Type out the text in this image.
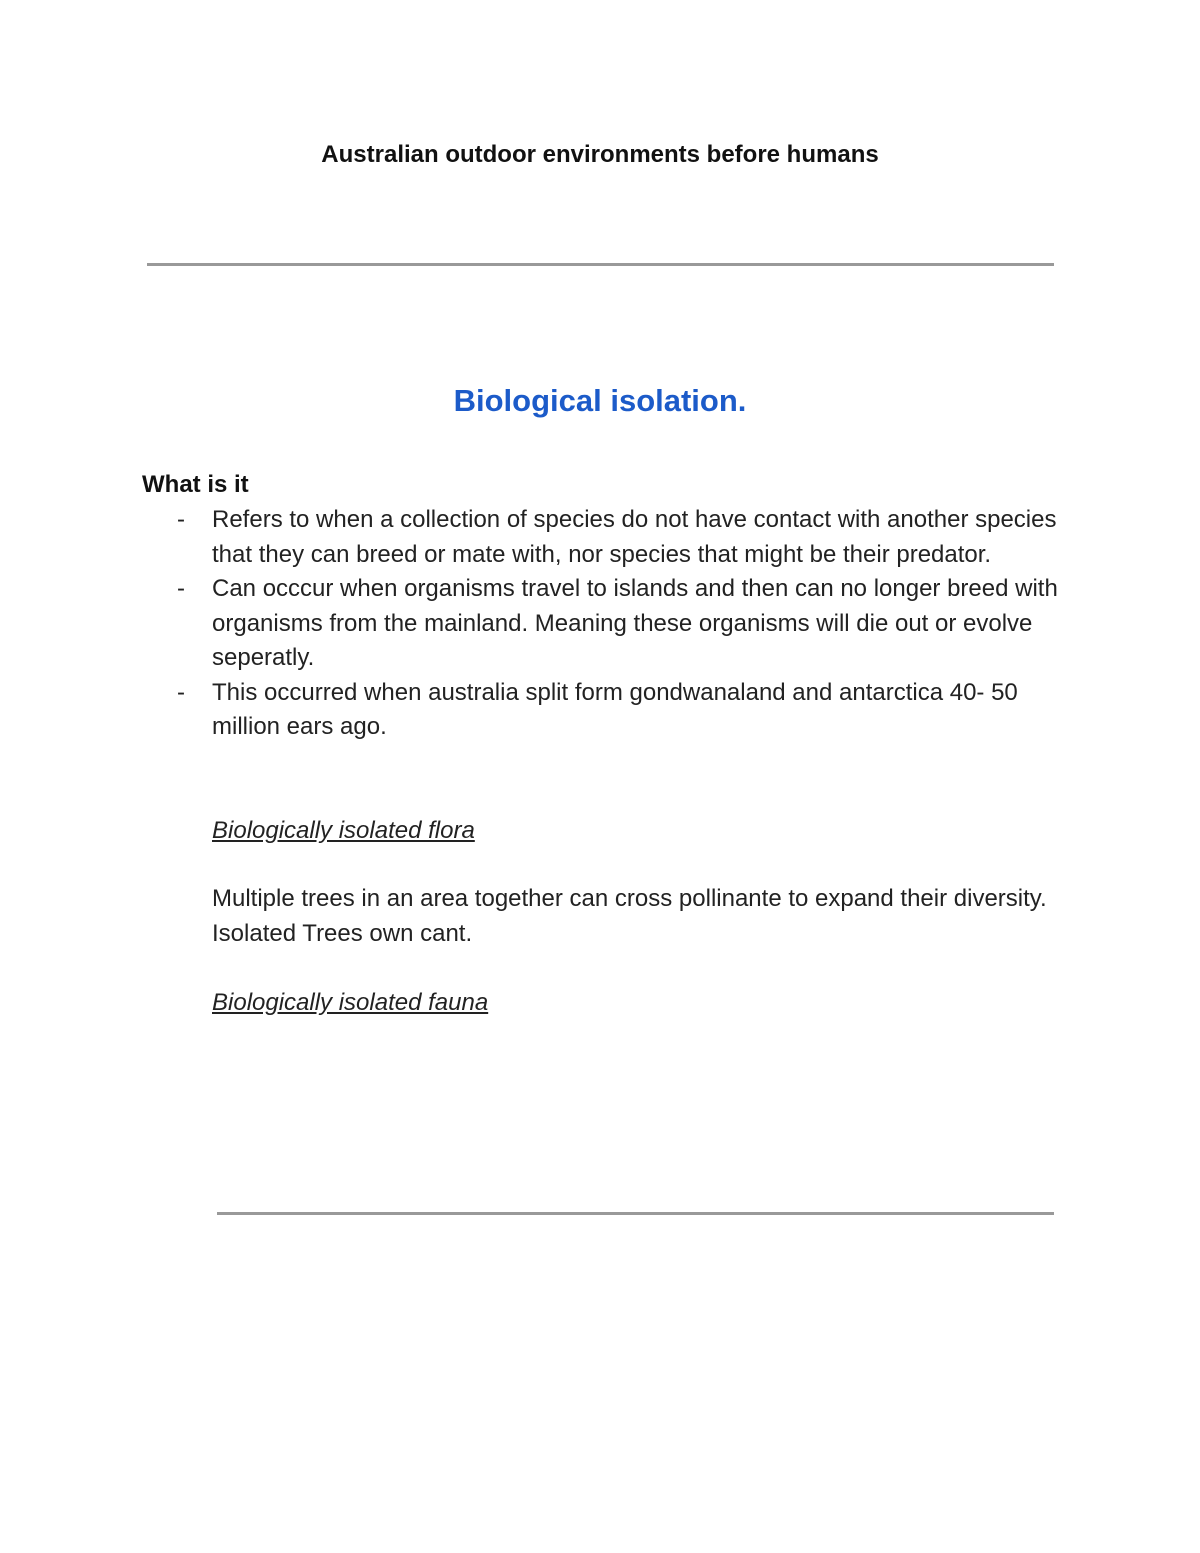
Australian outdoor environments before humans
Biological isolation.
What is it
- Refers to when a collection of species do not have contact with another species that they can breed or mate with, nor species that might be their predator.
- Can occcur when organisms travel to islands and then can no longer breed with organisms from the mainland. Meaning these organisms will die out or evolve seperatly.
- This occurred when australia split form gondwanaland and antarctica 40- 50 million ears ago.

Biologically isolated flora

Multiple trees in an area together can cross pollinante to expand their diversity. Isolated Trees own cant.

Biologically isolated fauna
